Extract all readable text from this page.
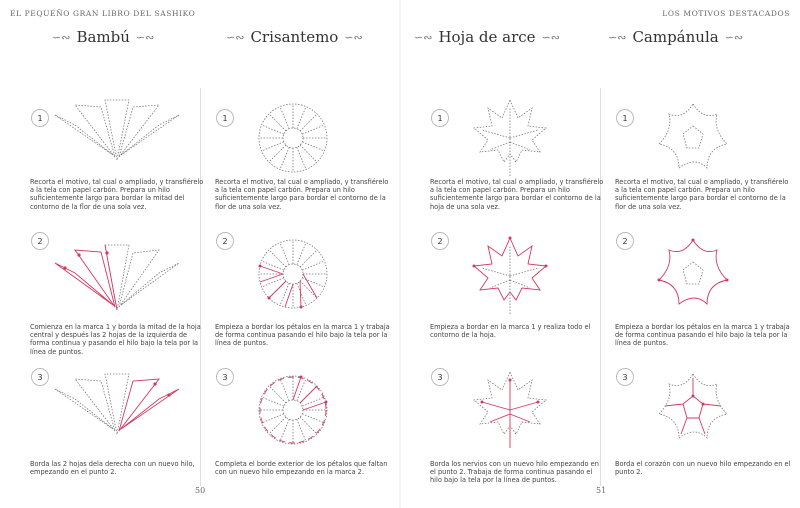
EL PEQUEÑO GRAN LIBRO DEL SASHIKO	LOS MOTIVOS DESTACADOS
∽∾ Bambú ∽∾	∽∾ Crisantemo ∽∾	∽∾ Hoja de arce ∽∾	∽∾ Campánula ∽∾
1
Recorta el motivo, tal cual o ampliado, y transfiérelo a la tela con papel carbón. Prepara un hilo suficientemente largo para bordar la mitad del contorno de la flor de una sola vez.
2
Comienza en la marca 1 y borda la mitad de la hoja central y después las 2 hojas de la izquierda de forma continua y pasando el hilo bajo la tela por la línea de puntos.
3
Borda las 2 hojas dela derecha con un nuevo hilo, empezando en el punto 2.
1
Recorta el motivo, tal cual o ampliado, y transfiérelo a la tela con papel carbón. Prepara un hilo suficientemente largo para bordar el contorno de la flor de una sola vez.
2
Empieza a bordar los pétalos en la marca 1 y trabaja de forma continua pasando el hilo bajo la tela por la línea de puntos.
3
Completa el borde exterior de los pétalos que faltan con un nuevo hilo empezando en la marca 2.
1
Recorta el motivo, tal cual o ampliado, y transfiérelo a la tela con papel carbón. Prepara un hilo suficientemente largo para bordar el contorno de la hoja de una sola vez.
2
Empieza a bordar en la marca 1 y realiza todo el contorno de la hoja.
3
Borda los nervios con un nuevo hilo empezando en el punto 2. Trabaja de forma continua pasando el hilo bajo la tela por la línea de puntos.
1
Recorta el motivo, tal cual o ampliado, y transfiérelo a la tela con papel carbón. Prepara un hilo suficientemente largo para bordar el contorno de la flor de una sola vez.
2
Empieza a bordar los pétalos en la marca 1 y trabaja de forma continua pasando el hilo bajo la tela por la línea de puntos.
3
Borda el corazón con un nuevo hilo empezando en el punto 2.
50	51
